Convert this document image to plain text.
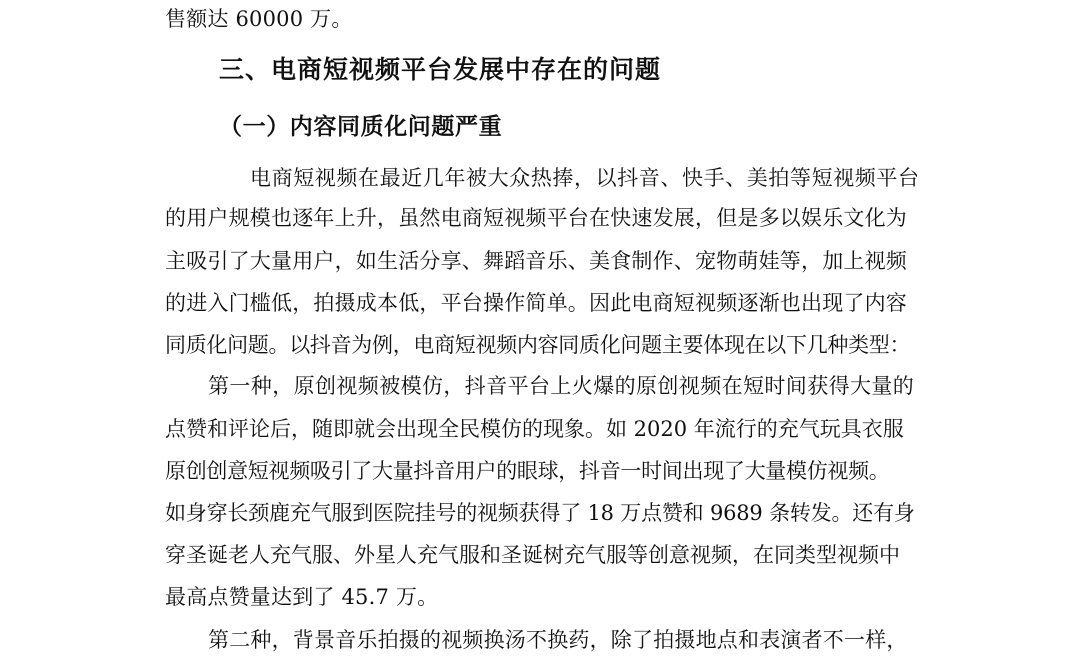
售额达 60000 万。
三、电商短视频平台发展中存在的问题
（一）内容同质化问题严重
电商短视频在最近几年被大众热捧，以抖音、快手、美拍等短视频平台
的用户规模也逐年上升，虽然电商短视频平台在快速发展，但是多以娱乐文化为
主吸引了大量用户，如生活分享、舞蹈音乐、美食制作、宠物萌娃等，加上视频
的进入门槛低，拍摄成本低，平台操作简单。因此电商短视频逐渐也出现了内容
同质化问题。以抖音为例，电商短视频内容同质化问题主要体现在以下几种类型：
第一种，原创视频被模仿，抖音平台上火爆的原创视频在短时间获得大量的
点赞和评论后，随即就会出现全民模仿的现象。如 2020 年流行的充气玩具衣服
原创创意短视频吸引了大量抖音用户的眼球，抖音一时间出现了大量模仿视频。
如身穿长颈鹿充气服到医院挂号的视频获得了 18 万点赞和 9689 条转发。还有身
穿圣诞老人充气服、外星人充气服和圣诞树充气服等创意视频，在同类型视频中
最高点赞量达到了 45.7 万。
第二种，背景音乐拍摄的视频换汤不换药，除了拍摄地点和表演者不一样，
